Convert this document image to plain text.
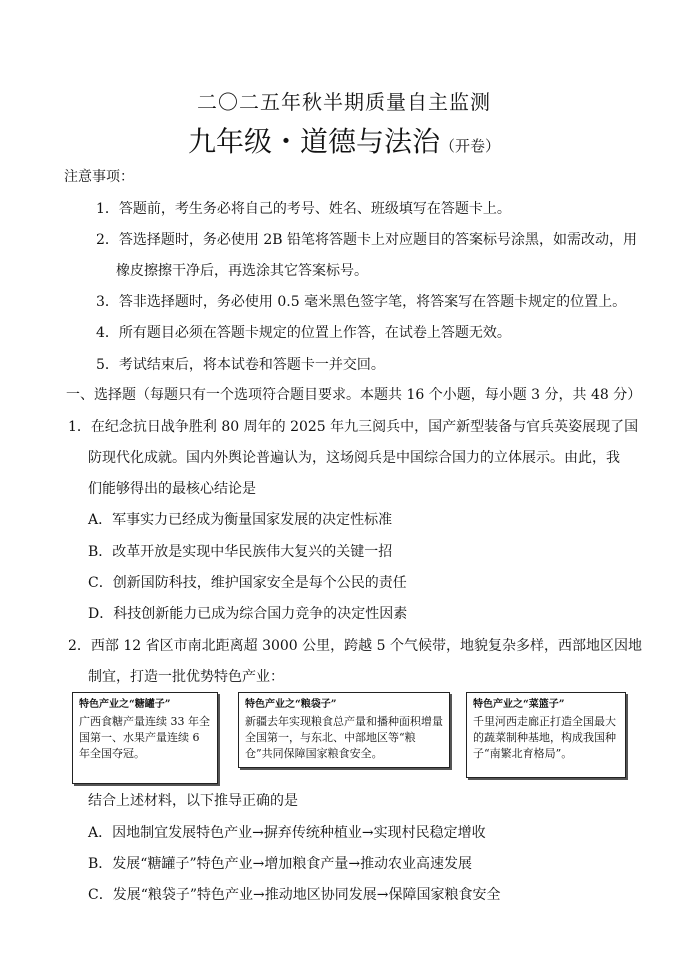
二〇二五年秋半期质量自主监测
九年级・道德与法治（开卷）
注意事项：
1．答题前，考生务必将自己的考号、姓名、班级填写在答题卡上。
2．答选择题时，务必使用 2B 铅笔将答题卡上对应题目的答案标号涂黑，如需改动，用
橡皮擦擦干净后，再选涂其它答案标号。
3．答非选择题时，务必使用 0.5 毫米黑色签字笔，将答案写在答题卡规定的位置上。
4．所有题目必须在答题卡规定的位置上作答，在试卷上答题无效。
5．考试结束后，将本试卷和答题卡一并交回。
一、选择题（每题只有一个选项符合题目要求。本题共 16 个小题，每小题 3 分，共 48 分）
1．在纪念抗日战争胜利 80 周年的 2025 年九三阅兵中，国产新型装备与官兵英姿展现了国
防现代化成就。国内外舆论普遍认为，这场阅兵是中国综合国力的立体展示。由此，我
们能够得出的最核心结论是
A．军事实力已经成为衡量国家发展的决定性标准
B．改革开放是实现中华民族伟大复兴的关键一招
C．创新国防科技，维护国家安全是每个公民的责任
D．科技创新能力已成为综合国力竞争的决定性因素
2．西部 12 省区市南北距离超 3000 公里，跨越 5 个气候带，地貌复杂多样，西部地区因地
制宜，打造一批优势特色产业：
特色产业之“糖罐子”
广西食糖产量连续 33 年全国第一、水果产量连续 6 年全国夺冠。
特色产业之“粮袋子”
新疆去年实现粮食总产量和播种面积增量全国第一，与东北、中部地区等“粮仓”共同保障国家粮食安全。
特色产业之“菜篮子”
千里河西走廊正打造全国最大的蔬菜制种基地，构成我国种子“南繁北育格局”。
结合上述材料，以下推导正确的是
A．因地制宜发展特色产业→摒弃传统种植业→实现村民稳定增收
B．发展“糖罐子”特色产业→增加粮食产量→推动农业高速发展
C．发展“粮袋子”特色产业→推动地区协同发展→保障国家粮食安全
